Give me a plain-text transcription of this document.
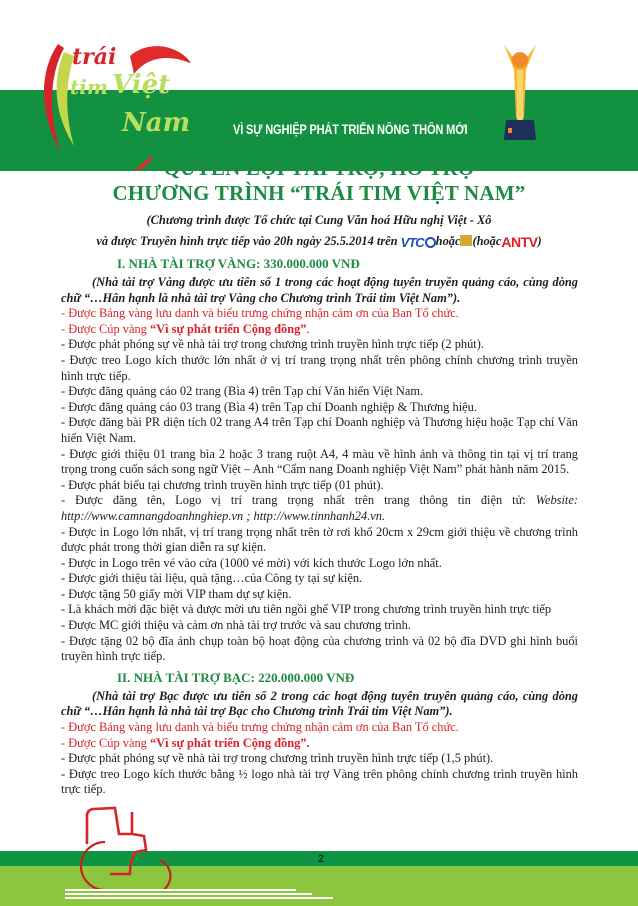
trái
tim Việt
Nam	VÌ SỰ NGHIỆP PHÁT TRIỂN NÔNG THÔN MỚI
QUYỀN LỢI TÀI TRỢ, HỖ TRỢ
CHƯƠNG TRÌNH “TRÁI TIM VIỆT NAM”
(Chương trình được Tổ chức tại Cung Văn hoá Hữu nghị Việt - Xô
và được Truyền hình trực tiếp vào 20h ngày 25.5.2014 trên VTC hoặc (hoặcANTV)
I. NHÀ TÀI TRỢ VÀNG: 330.000.000 VNĐ
(Nhà tài trợ Vàng được ưu tiên số 1 trong các hoạt động tuyên truyền quảng cáo, cùng dòng chữ “…Hân hạnh là nhà tài trợ Vàng cho Chương trình Trái tim Việt Nam”).
- Được Bảng vàng lưu danh và biểu trưng chứng nhận cảm ơn của Ban Tổ chức.
- Được Cúp vàng “Vì sự phát triển Cộng đồng”.
- Được phát phóng sự về nhà tài trợ trong chương trình truyền hình trực tiếp (2 phút).
- Được treo Logo kích thước lớn nhất ở vị trí trang trọng nhất trên phông chính chương trình truyền hình trực tiếp.
- Được đăng quảng cáo 02 trang (Bìa 4) trên Tạp chí Văn hiến Việt Nam.
- Được đăng quảng cáo 03 trang (Bìa 4) trên Tạp chí Doanh nghiệp & Thương hiệu.
- Được đăng bài PR diện tích 02 trang A4 trên Tạp chí Doanh nghiệp và Thương hiệu hoặc Tạp chí Văn hiến Việt Nam.
- Được giới thiệu 01 trang bìa 2 hoặc 3 trang ruột A4, 4 màu về hình ảnh và thông tin tại vị trí trang trọng trong cuốn sách song ngữ Việt – Anh “Cẩm nang Doanh nghiệp Việt Nam” phát hành năm 2015.
- Được phát biểu tại chương trình truyền hình trực tiếp (01 phút).
- Được đăng tên, Logo vị trí trang trọng nhất trên trang thông tin điện tử: Website: http://www.camnangdoanhnghiep.vn ; http://www.tinnhanh24.vn.
- Được in Logo lớn nhất, vị trí trang trọng nhất trên tờ rơi khổ 20cm x 29cm giới thiệu về chương trình được phát trong thời gian diễn ra sự kiện.
- Được in Logo trên vé vào cửa (1000 vé mời) với kích thước Logo lớn nhất.
- Được giới thiệu tài liệu, quà tặng…của Công ty tại sự kiện.
- Được tặng 50 giấy mời VIP tham dự sự kiện.
- Là khách mời đặc biệt và được mời ưu tiên ngồi ghế VIP trong chương trình truyền hình trực tiếp
- Được MC giới thiệu và cảm ơn nhà tài trợ trước và sau chương trình.
- Được tặng 02 bộ đĩa ảnh chụp toàn bộ hoạt động của chương trình và 02 bộ đĩa DVD ghi hình buổi truyền hình trực tiếp.
II. NHÀ TÀI TRỢ BẠC: 220.000.000 VNĐ
(Nhà tài trợ Bạc được ưu tiên số 2 trong các hoạt động tuyên truyền quảng cáo, cùng dòng chữ “…Hân hạnh là nhà tài trợ Bạc cho Chương trình Trái tim Việt Nam”).
- Được Bảng vàng lưu danh và biểu trưng chứng nhận cảm ơn của Ban Tổ chức.
- Được Cúp vàng “Vì sự phát triển Cộng đồng”.
- Được phát phóng sự về nhà tài trợ trong chương trình truyền hình trực tiếp (1,5 phút).
- Được treo Logo kích thước bằng ½ logo nhà tài trợ Vàng trên phông chính chương trình truyền hình trực tiếp.
2
